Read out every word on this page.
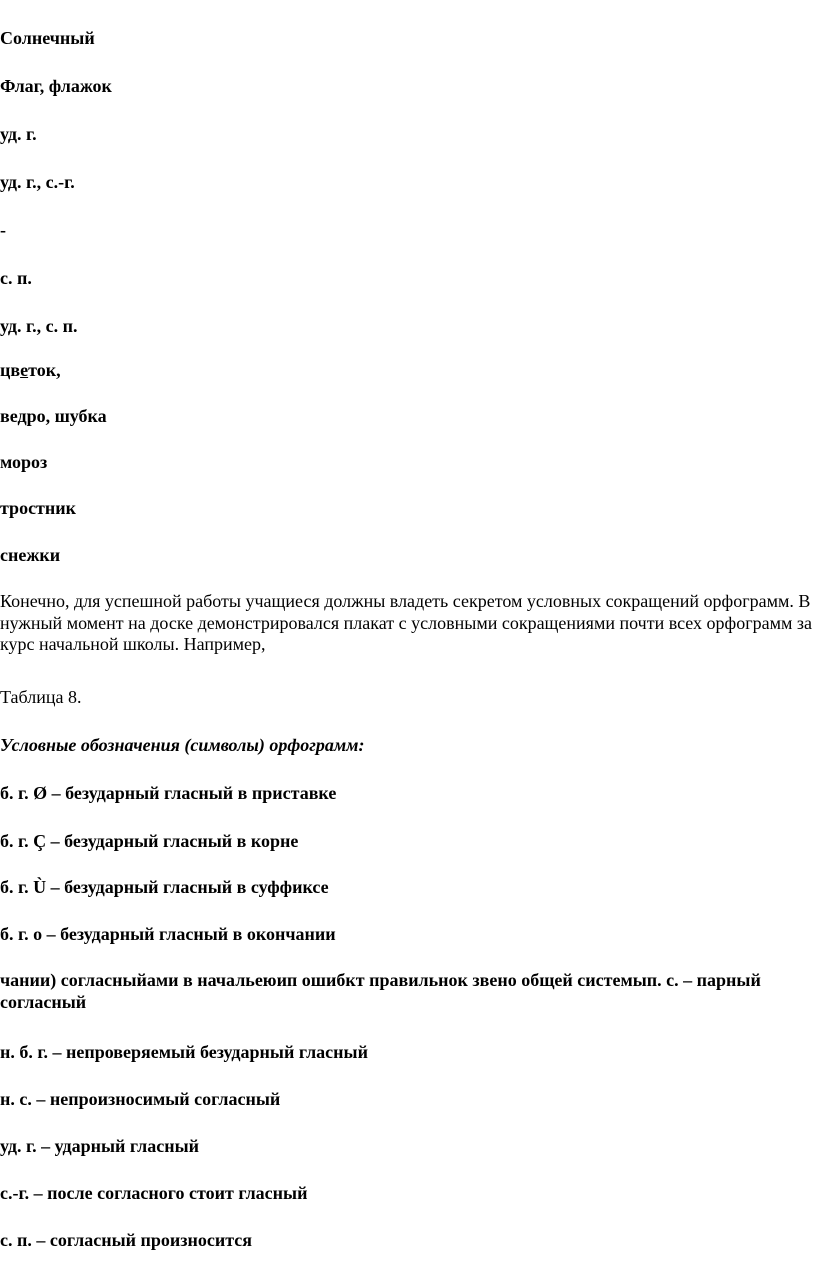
Солнечный

Флаг, флажок

уд. г.

уд. г., с.-г.

-

с. п.

уд. г., с. п.

цветок,

ведро, шубка

мороз

тростник

снежки

Конечно, для успешной работы учащиеся должны владеть секретом условных сокращений орфограмм. В нужный момент на доске демонстрировался плакат с условными сокращениями почти всех орфограмм за курс начальной школы. Например,

Таблица 8.

Условные обозначения (символы) орфограмм:

б. г. Ø – безударный гласный в приставке

б. г. Ç – безударный гласный в корне

б. г. Ù – безударный гласный в суффиксе

б. г. о – безударный гласный в окончании

чании) согласныйами в начальеюип ошибкт правильнок звено общей системып. с. – парный согласный

н. б. г. – непроверяемый безударный гласный

н. с. – непроизносимый согласный

уд. г. – ударный гласный

с.-г. – после согласного стоит гласный

с. п. – согласный произносится
